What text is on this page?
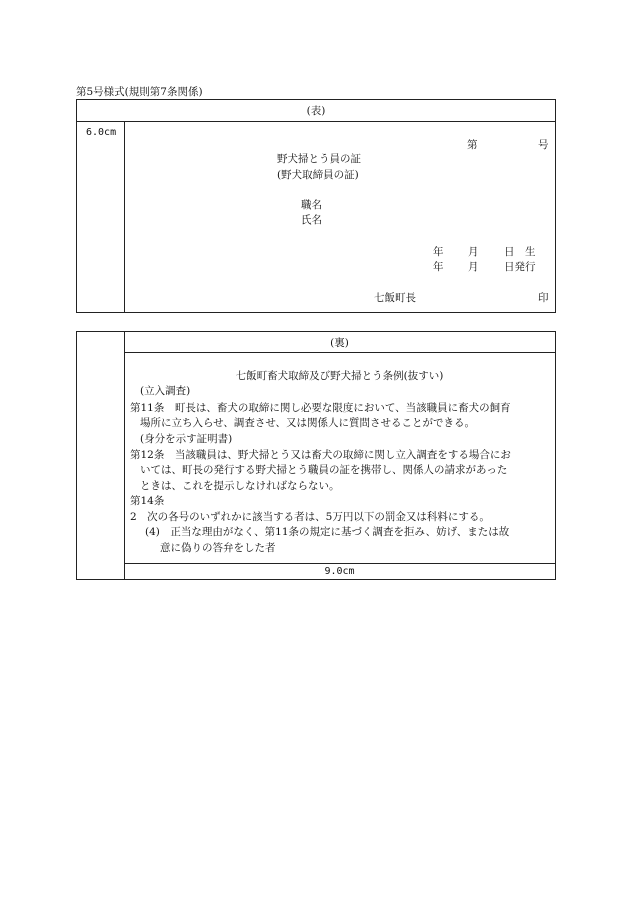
第5号様式(規則第7条関係)
(表)
6.0cm
第	号
野犬掃とう員の証
(野犬取締員の証)
職名
氏名
年 月 日　生
年 月 日発行
七飯町長	印
(裏)
七飯町畜犬取締及び野犬掃とう条例(抜すい)
(立入調査)
第11条　町長は、畜犬の取締に関し必要な限度において、当該職員に畜犬の飼育
場所に立ち入らせ、調査させ、又は関係人に質問させることができる。
(身分を示す証明書)
第12条　当該職員は、野犬掃とう又は畜犬の取締に関し立入調査をする場合にお
いては、町長の発行する野犬掃とう職員の証を携帯し、関係人の請求があった
ときは、これを提示しなければならない。
第14条
2　次の各号のいずれかに該当する者は、5万円以下の罰金又は科料にする。
(4)　正当な理由がなく、第11条の規定に基づく調査を拒み、妨げ、または故
意に偽りの答弁をした者
9.0cm
